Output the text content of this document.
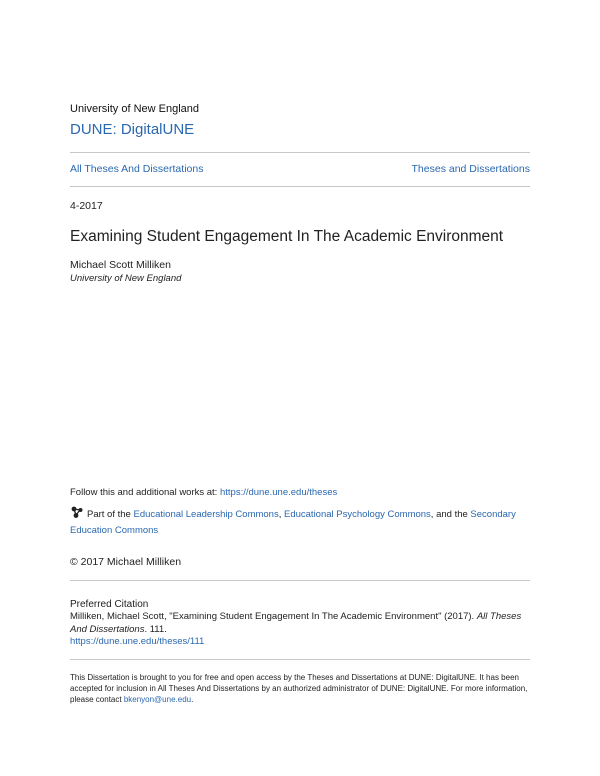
University of New England
DUNE: DigitalUNE
All Theses And Dissertations	Theses and Dissertations
4-2017
Examining Student Engagement In The Academic Environment
Michael Scott Milliken
University of New England
Follow this and additional works at: https://dune.une.edu/theses
Part of the Educational Leadership Commons, Educational Psychology Commons, and the Secondary Education Commons
© 2017 Michael Milliken
Preferred Citation
Milliken, Michael Scott, "Examining Student Engagement In The Academic Environment" (2017). All Theses And Dissertations. 111.
https://dune.une.edu/theses/111
This Dissertation is brought to you for free and open access by the Theses and Dissertations at DUNE: DigitalUNE. It has been accepted for inclusion in All Theses And Dissertations by an authorized administrator of DUNE: DigitalUNE. For more information, please contact bkenyon@une.edu.
